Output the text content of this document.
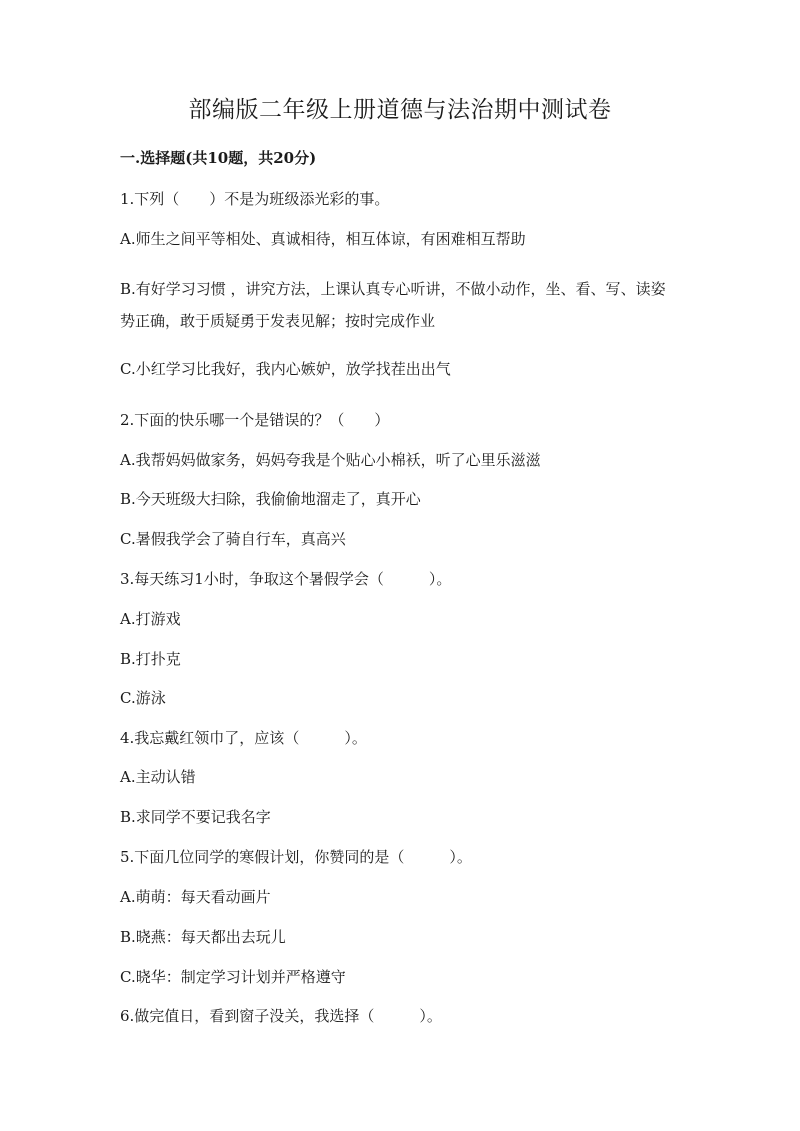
部编版二年级上册道德与法治期中测试卷
一.选择题(共10题，共20分)
1.下列（　　）不是为班级添光彩的事。
A.师生之间平等相处、真诚相待，相互体谅，有困难相互帮助
B.有好学习习惯 ，讲究方法，上课认真专心听讲，不做小动作，坐、看、写、读姿势正确，敢于质疑勇于发表见解；按时完成作业
C.小红学习比我好，我内心嫉妒，放学找茬出出气
2.下面的快乐哪一个是错误的？（　　）
A.我帮妈妈做家务，妈妈夸我是个贴心小棉袄，听了心里乐滋滋
B.今天班级大扫除，我偷偷地溜走了，真开心
C.暑假我学会了骑自行车，真高兴
3.每天练习1小时，争取这个暑假学会（　　　）。
A.打游戏
B.打扑克
C.游泳
4.我忘戴红领巾了，应该（　　　）。
A.主动认错
B.求同学不要记我名字
5.下面几位同学的寒假计划，你赞同的是（　　　）。
A.萌萌：每天看动画片
B.晓燕：每天都出去玩儿
C.晓华：制定学习计划并严格遵守
6.做完值日，看到窗子没关，我选择（　　　）。
